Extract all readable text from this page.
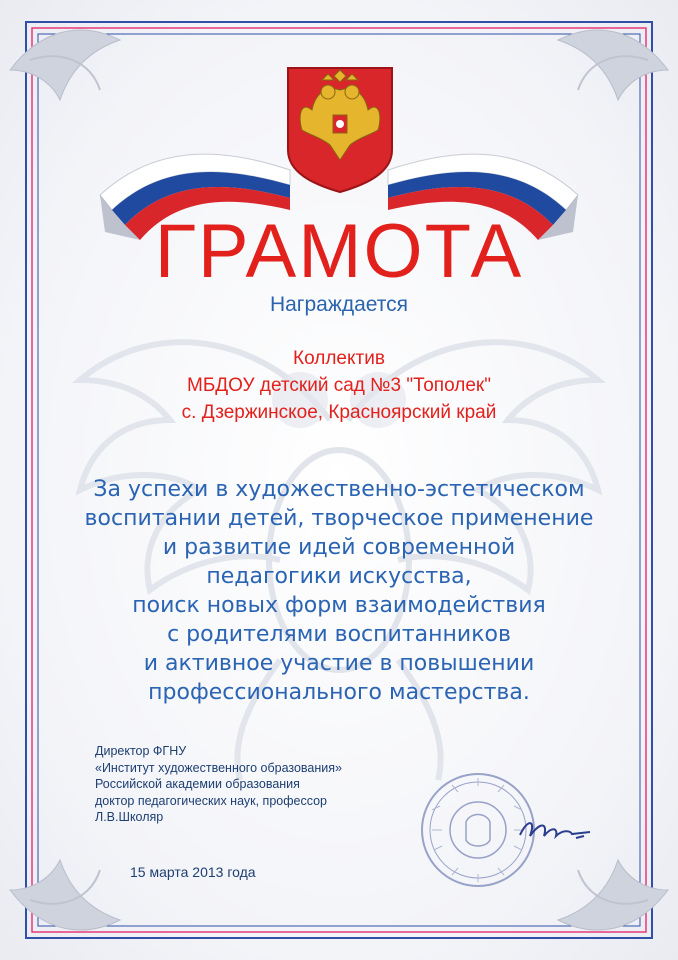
ГРАМОТА
Награждается
Коллектив
МБДОУ детский сад №3 "Тополек"
с. Дзержинское, Красноярский край
За успехи в художественно-эстетическом
воспитании детей, творческое применение
и развитие идей современной
педагогики искусства,
поиск новых форм взаимодействия
с родителями воспитанников
и активное участие в повышении
профессионального мастерства.
Директор ФГНУ
«Институт художественного образования»
Российской академии образования
доктор педагогических наук, профессор
Л.В.Школяр
15 марта 2013 года
